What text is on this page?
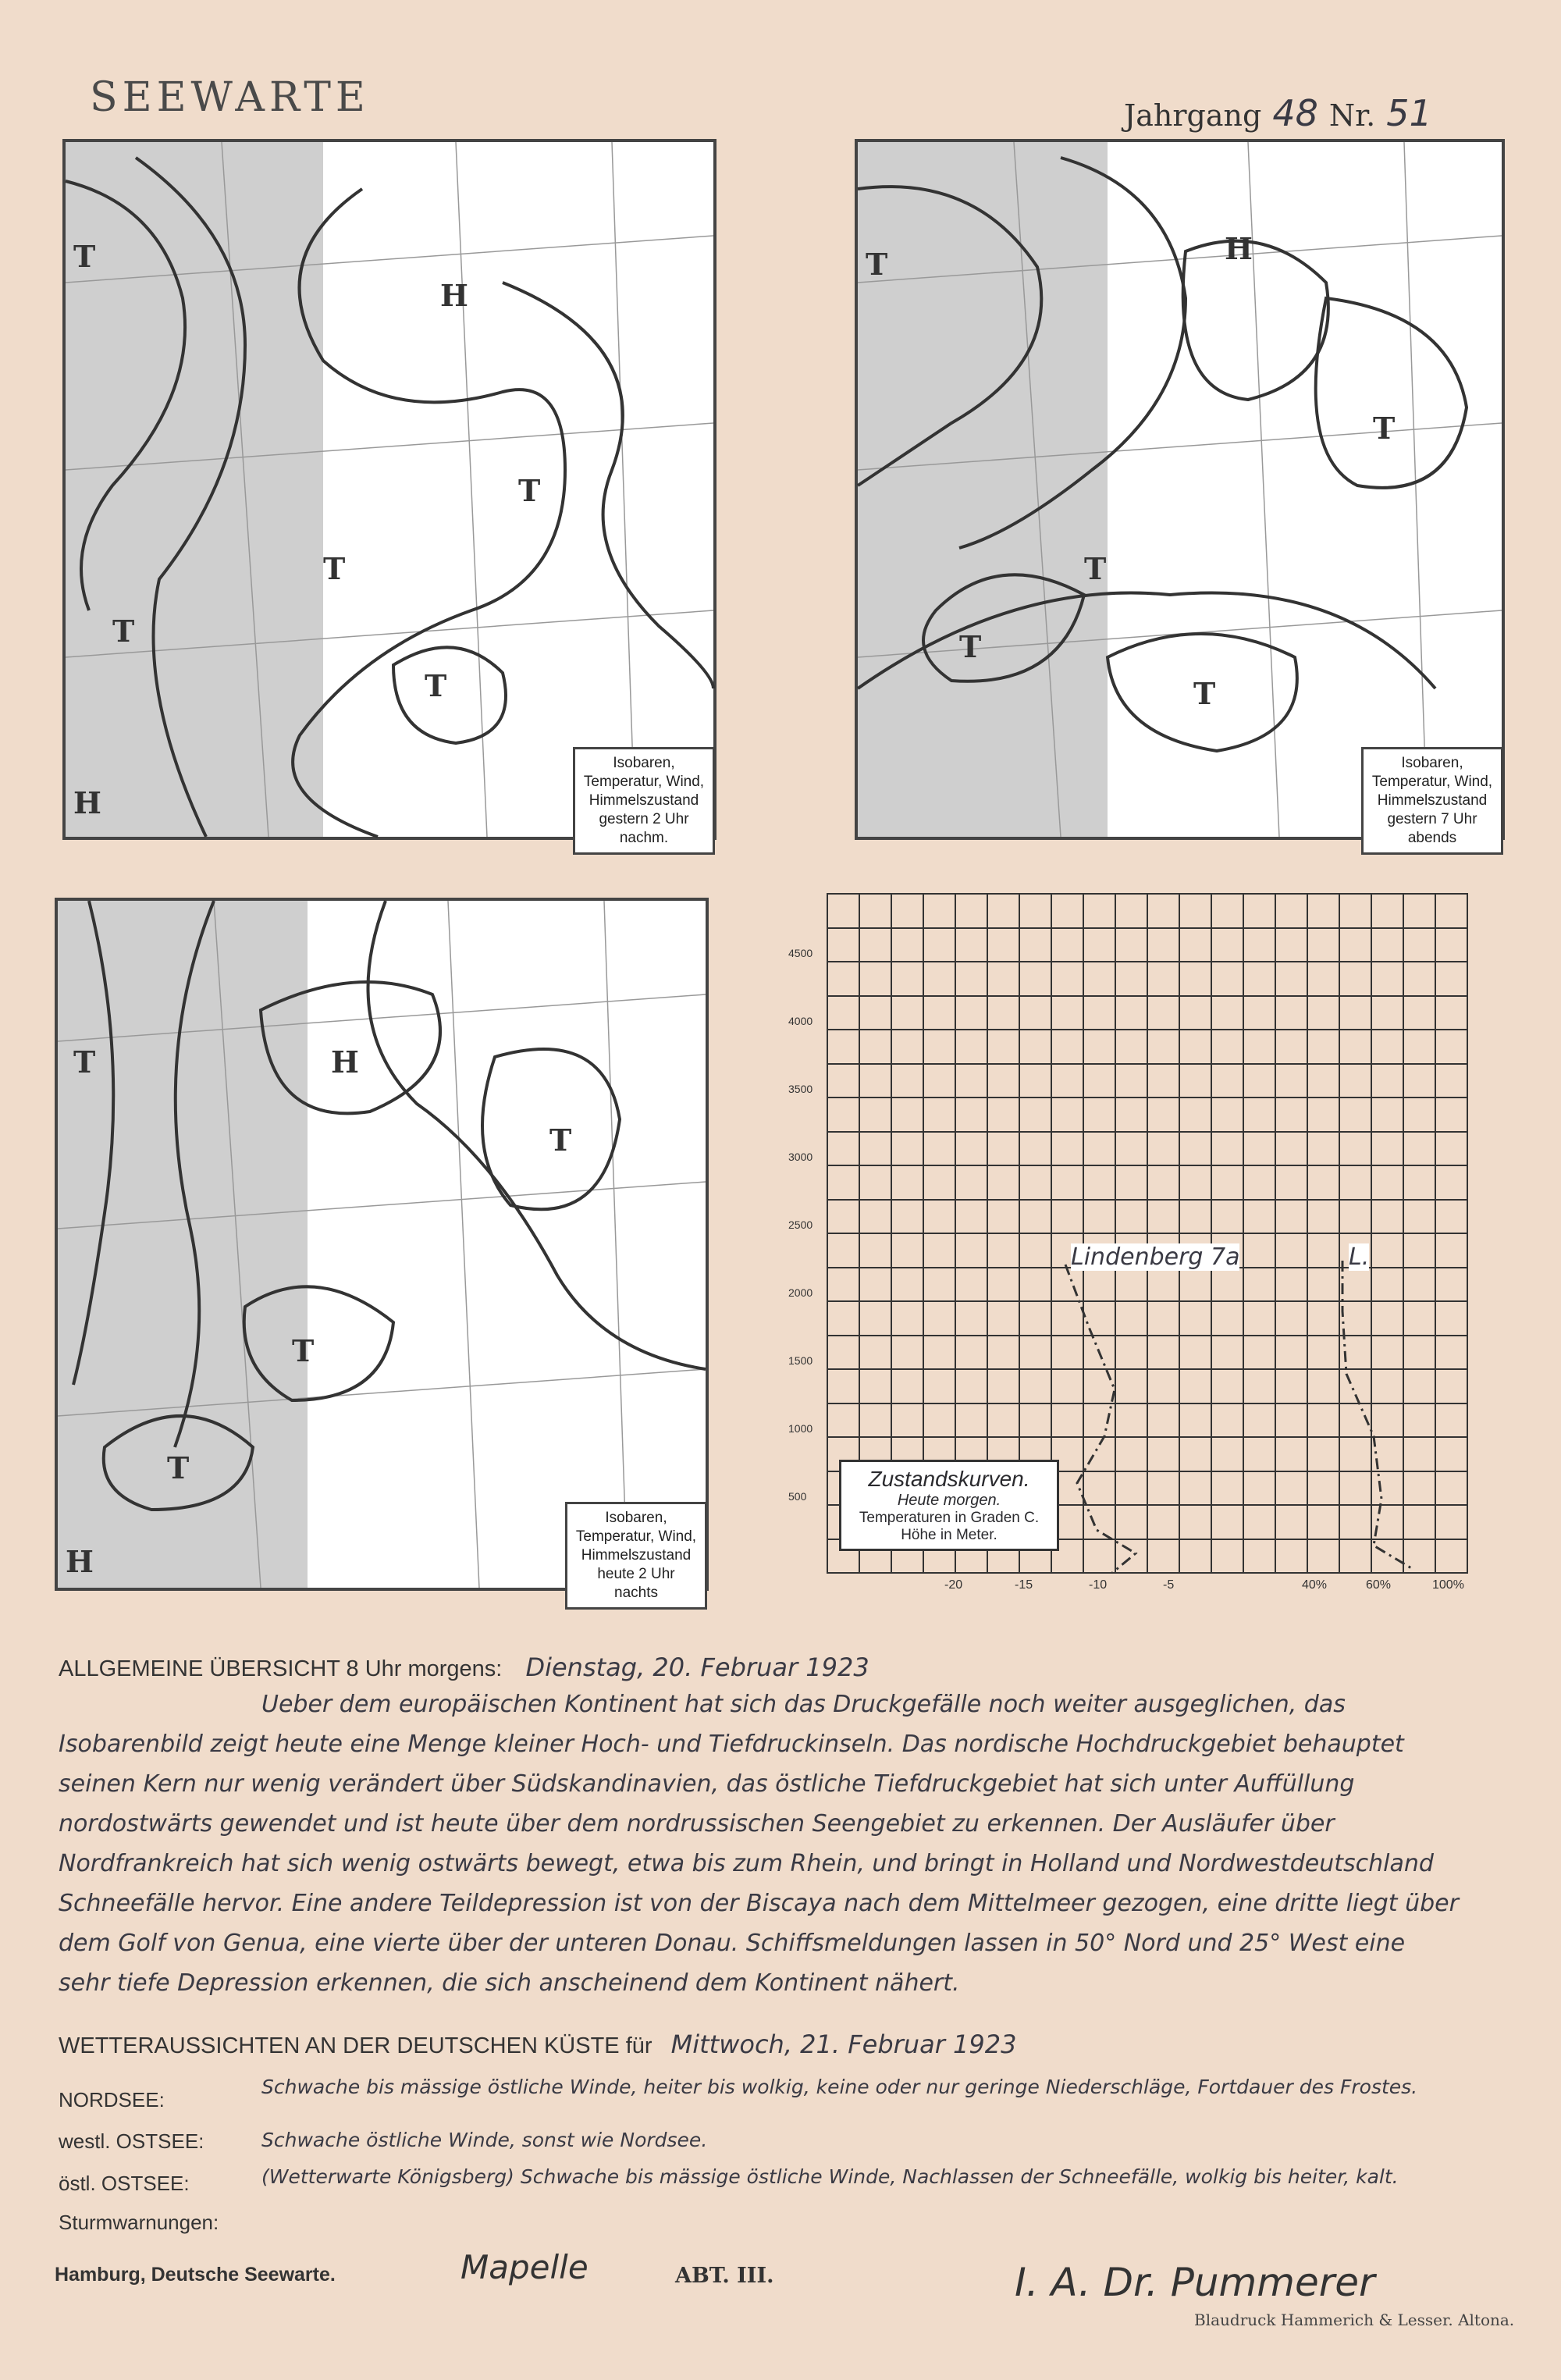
SEEWARTE	Jahrgang 48 Nr. 51
T
H
T
T
T
T
H
Isobaren,
Temperatur, Wind,
Himmelszustand
gestern 2 Uhr nachm.
T	H
T
T
T
T
Isobaren,
Temperatur, Wind,
Himmelszustand
gestern 7 Uhr abends
T	H
T
T
T
H
Isobaren,
Temperatur, Wind,
Himmelszustand
heute 2 Uhr nachts
4500
4000
3500
3000
2500
2000
1500
1000
500
-20	-15	-10	-5	40%	60%	100%
Lindenberg 7a	L.
Zustandskurven.
Heute morgen.
Temperaturen in Graden C.
Höhe in Meter.
ALLGEMEINE ÜBERSICHT 8 Uhr morgens: Dienstag, 20. Februar 1923
Ueber dem europäischen Kontinent hat sich das Druckgefälle noch weiter ausgeglichen, das Isobarenbild zeigt heute eine Menge kleiner Hoch- und Tiefdruckinseln. Das nordische Hochdruckgebiet behauptet seinen Kern nur wenig verändert über Südskandinavien, das östliche Tiefdruckgebiet hat sich unter Auffüllung nordostwärts gewendet und ist heute über dem nordrussischen Seengebiet zu erkennen. Der Ausläufer über Nordfrankreich hat sich wenig ostwärts bewegt, etwa bis zum Rhein, und bringt in Holland und Nordwestdeutschland Schneefälle hervor. Eine andere Teildepression ist von der Biscaya nach dem Mittelmeer gezogen, eine dritte liegt über dem Golf von Genua, eine vierte über der unteren Donau. Schiffsmeldungen lassen in 50° Nord und 25° West eine sehr tiefe Depression erkennen, die sich anscheinend dem Kontinent nähert.
WETTERAUSSICHTEN AN DER DEUTSCHEN KÜSTE für Mittwoch, 21. Februar 1923
NORDSEE:
Schwache bis mässige östliche Winde, heiter bis wolkig, keine oder nur geringe Niederschläge, Fortdauer des Frostes.
westl. OSTSEE:	Schwache östliche Winde, sonst wie Nordsee.
östl. OSTSEE:	(Wetterwarte Königsberg) Schwache bis mässige östliche Winde, Nachlassen der Schneefälle, wolkig bis heiter, kalt.
Sturmwarnungen:
Hamburg, Deutsche Seewarte.	Mapelle	ABT. III.	I. A. Dr. Pummerer
Blaudruck Hammerich & Lesser. Altona.
